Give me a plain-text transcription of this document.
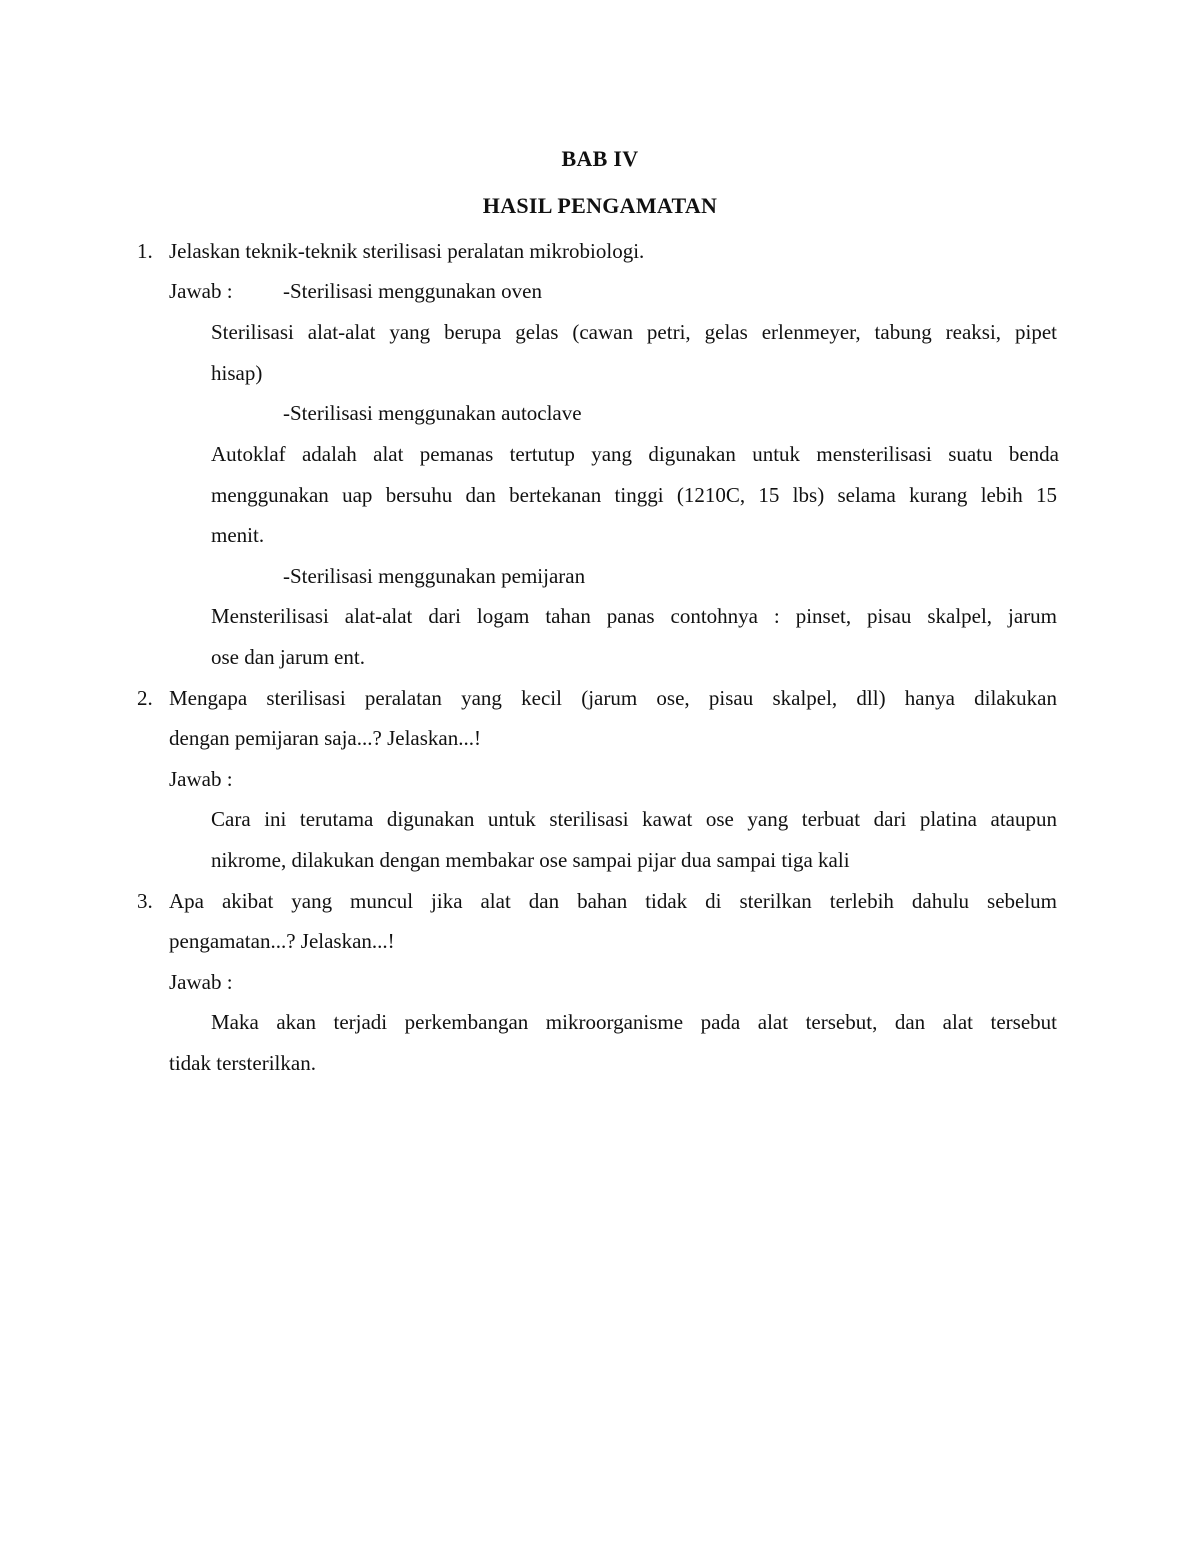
BAB IV
HASIL PENGAMATAN
1. Jelaskan teknik-teknik sterilisasi peralatan mikrobiologi.
Jawab : -Sterilisasi menggunakan oven
Sterilisasi alat-alat yang berupa gelas (cawan petri, gelas erlenmeyer, tabung reaksi, pipet
hisap)
-Sterilisasi menggunakan autoclave
Autoklaf adalah alat pemanas tertutup yang digunakan untuk mensterilisasi suatu benda
menggunakan uap bersuhu dan bertekanan tinggi (1210C, 15 lbs) selama kurang lebih 15
menit.
-Sterilisasi menggunakan pemijaran
Mensterilisasi alat-alat dari logam tahan panas contohnya : pinset, pisau skalpel, jarum
ose dan jarum ent.
2. Mengapa sterilisasi peralatan yang kecil (jarum ose, pisau skalpel, dll) hanya dilakukan
dengan pemijaran saja...? Jelaskan...!
Jawab :
Cara ini terutama digunakan untuk sterilisasi kawat ose yang terbuat dari platina ataupun
nikrome, dilakukan dengan membakar ose sampai pijar dua sampai tiga kali
3. Apa akibat yang muncul jika alat dan bahan tidak di sterilkan terlebih dahulu sebelum
pengamatan...? Jelaskan...!
Jawab :
Maka akan terjadi perkembangan mikroorganisme pada alat tersebut, dan alat tersebut
tidak tersterilkan.
